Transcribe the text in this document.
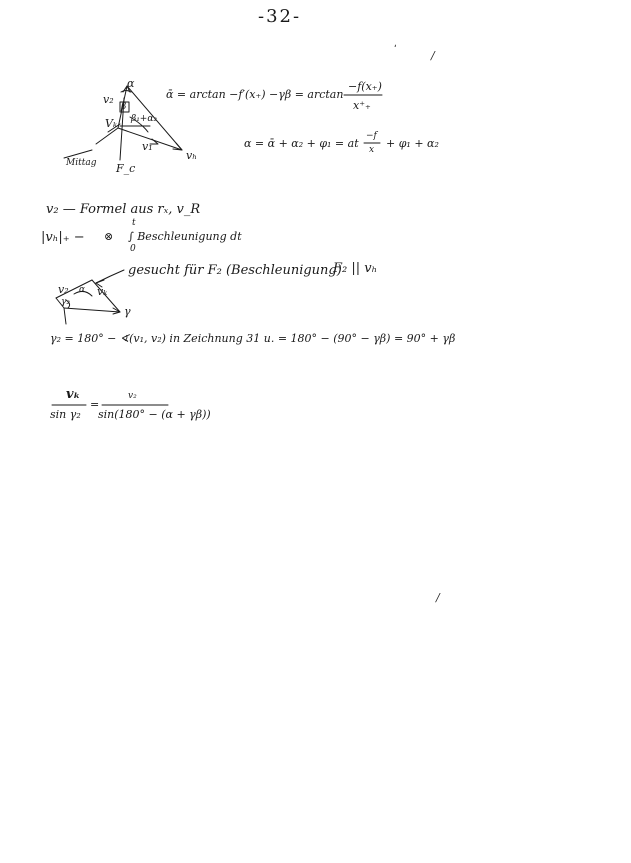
-32-
ˌ
/
/
α
v₂
β
Vₖ β₁+α₂
v₁
vₕ
Mittag F_c
ᾱ = arctan −f′(x₊) −γβ = arctan
−f(x₊)
x⁺₊
α = ᾱ + α₂ + φ₁ = at
−f
x + φ₁ + α₂
v₂ — Formel aus rₓ, v_R
|vₕ|₊ − ⊗
t
∫ Beschleunigung dt
0
gesucht für F₂ (Beschleunigung)
F₂ || vₕ
v₂ α vₖ
γ₂
γ
γ₂ = 180° − ∢(v₁, v₂) in Zeichnung 31 u. = 180° − (90° − γβ) = 90° + γβ
vₖ
sin γ₂
=
v₂
sin(180° − (α + γβ))
